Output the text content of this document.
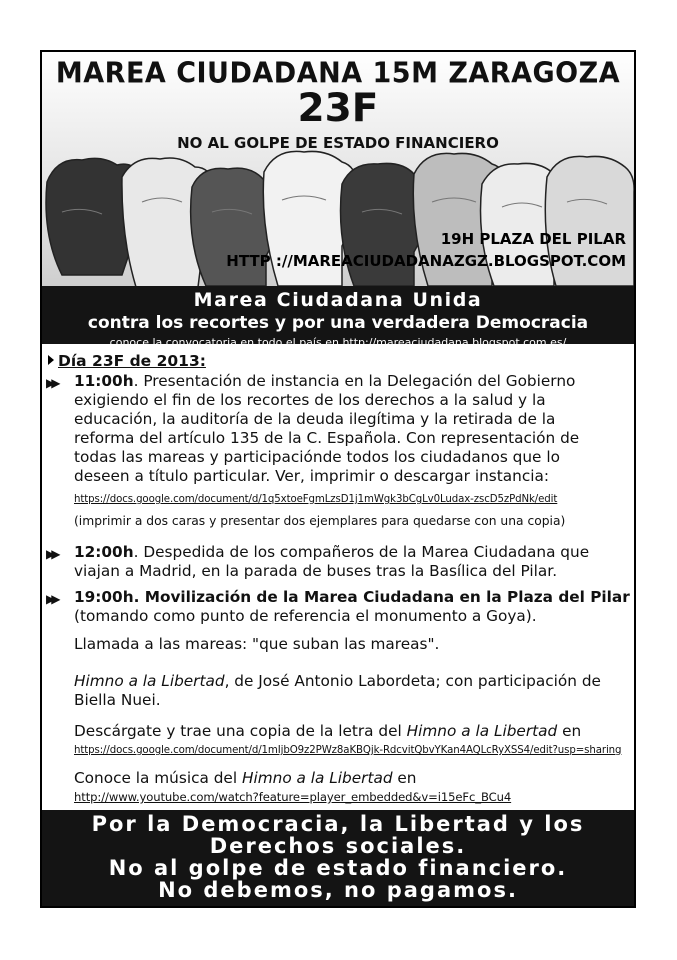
MAREA CIUDADANA 15M ZARAGOZA
23F
NO AL GOLPE DE ESTADO FINANCIERO
19H PLAZA DEL PILAR
HTTP ://MAREACIUDADANAZGZ.BLOGSPOT.COM
Marea Ciudadana Unida
contra los recortes y por una verdadera Democracia
conoce la convocatoria en todo el país en http://mareaciudadana.blogspot.com.es/
Día 23F de 2013:
▶▶ 11:00h. Presentación de instancia en la Delegación del Gobierno
exigiendo el fin de los recortes de los derechos a la salud y la
educación, la auditoría de la deuda ilegítima y la retirada de la
reforma del artículo 135 de la C. Española. Con representación de
todas las mareas y participaciónde todos los ciudadanos que lo
deseen a título particular. Ver, imprimir o descargar instancia:
https://docs.google.com/document/d/1q5xtoeFgmLzsD1j1mWgk3bCgLv0Ludax-zscD5zPdNk/edit
(imprimir a dos caras y presentar dos ejemplares para quedarse con una copia)
▶▶ 12:00h. Despedida de los compañeros de la Marea Ciudadana que
viajan a Madrid, en la parada de buses tras la Basílica del Pilar.
▶▶ 19:00h. Movilización de la Marea Ciudadana en la Plaza del Pilar
(tomando como punto de referencia el monumento a Goya).
Llamada a las mareas: "que suban las mareas".
Himno a la Libertad, de José Antonio Labordeta; con participación de
Biella Nuei.
Descárgate y trae una copia de la letra del Himno a la Libertad en
https://docs.google.com/document/d/1mIjbO9z2PWz8aKBQjk-RdcvitQbvYKan4AQLcRyXSS4/edit?usp=sharing
Conoce la música del Himno a la Libertad en
http://www.youtube.com/watch?feature=player_embedded&v=i15eFc_BCu4
Por la Democracia, la Libertad y los
Derechos sociales.
No al golpe de estado financiero.
No debemos, no pagamos.
